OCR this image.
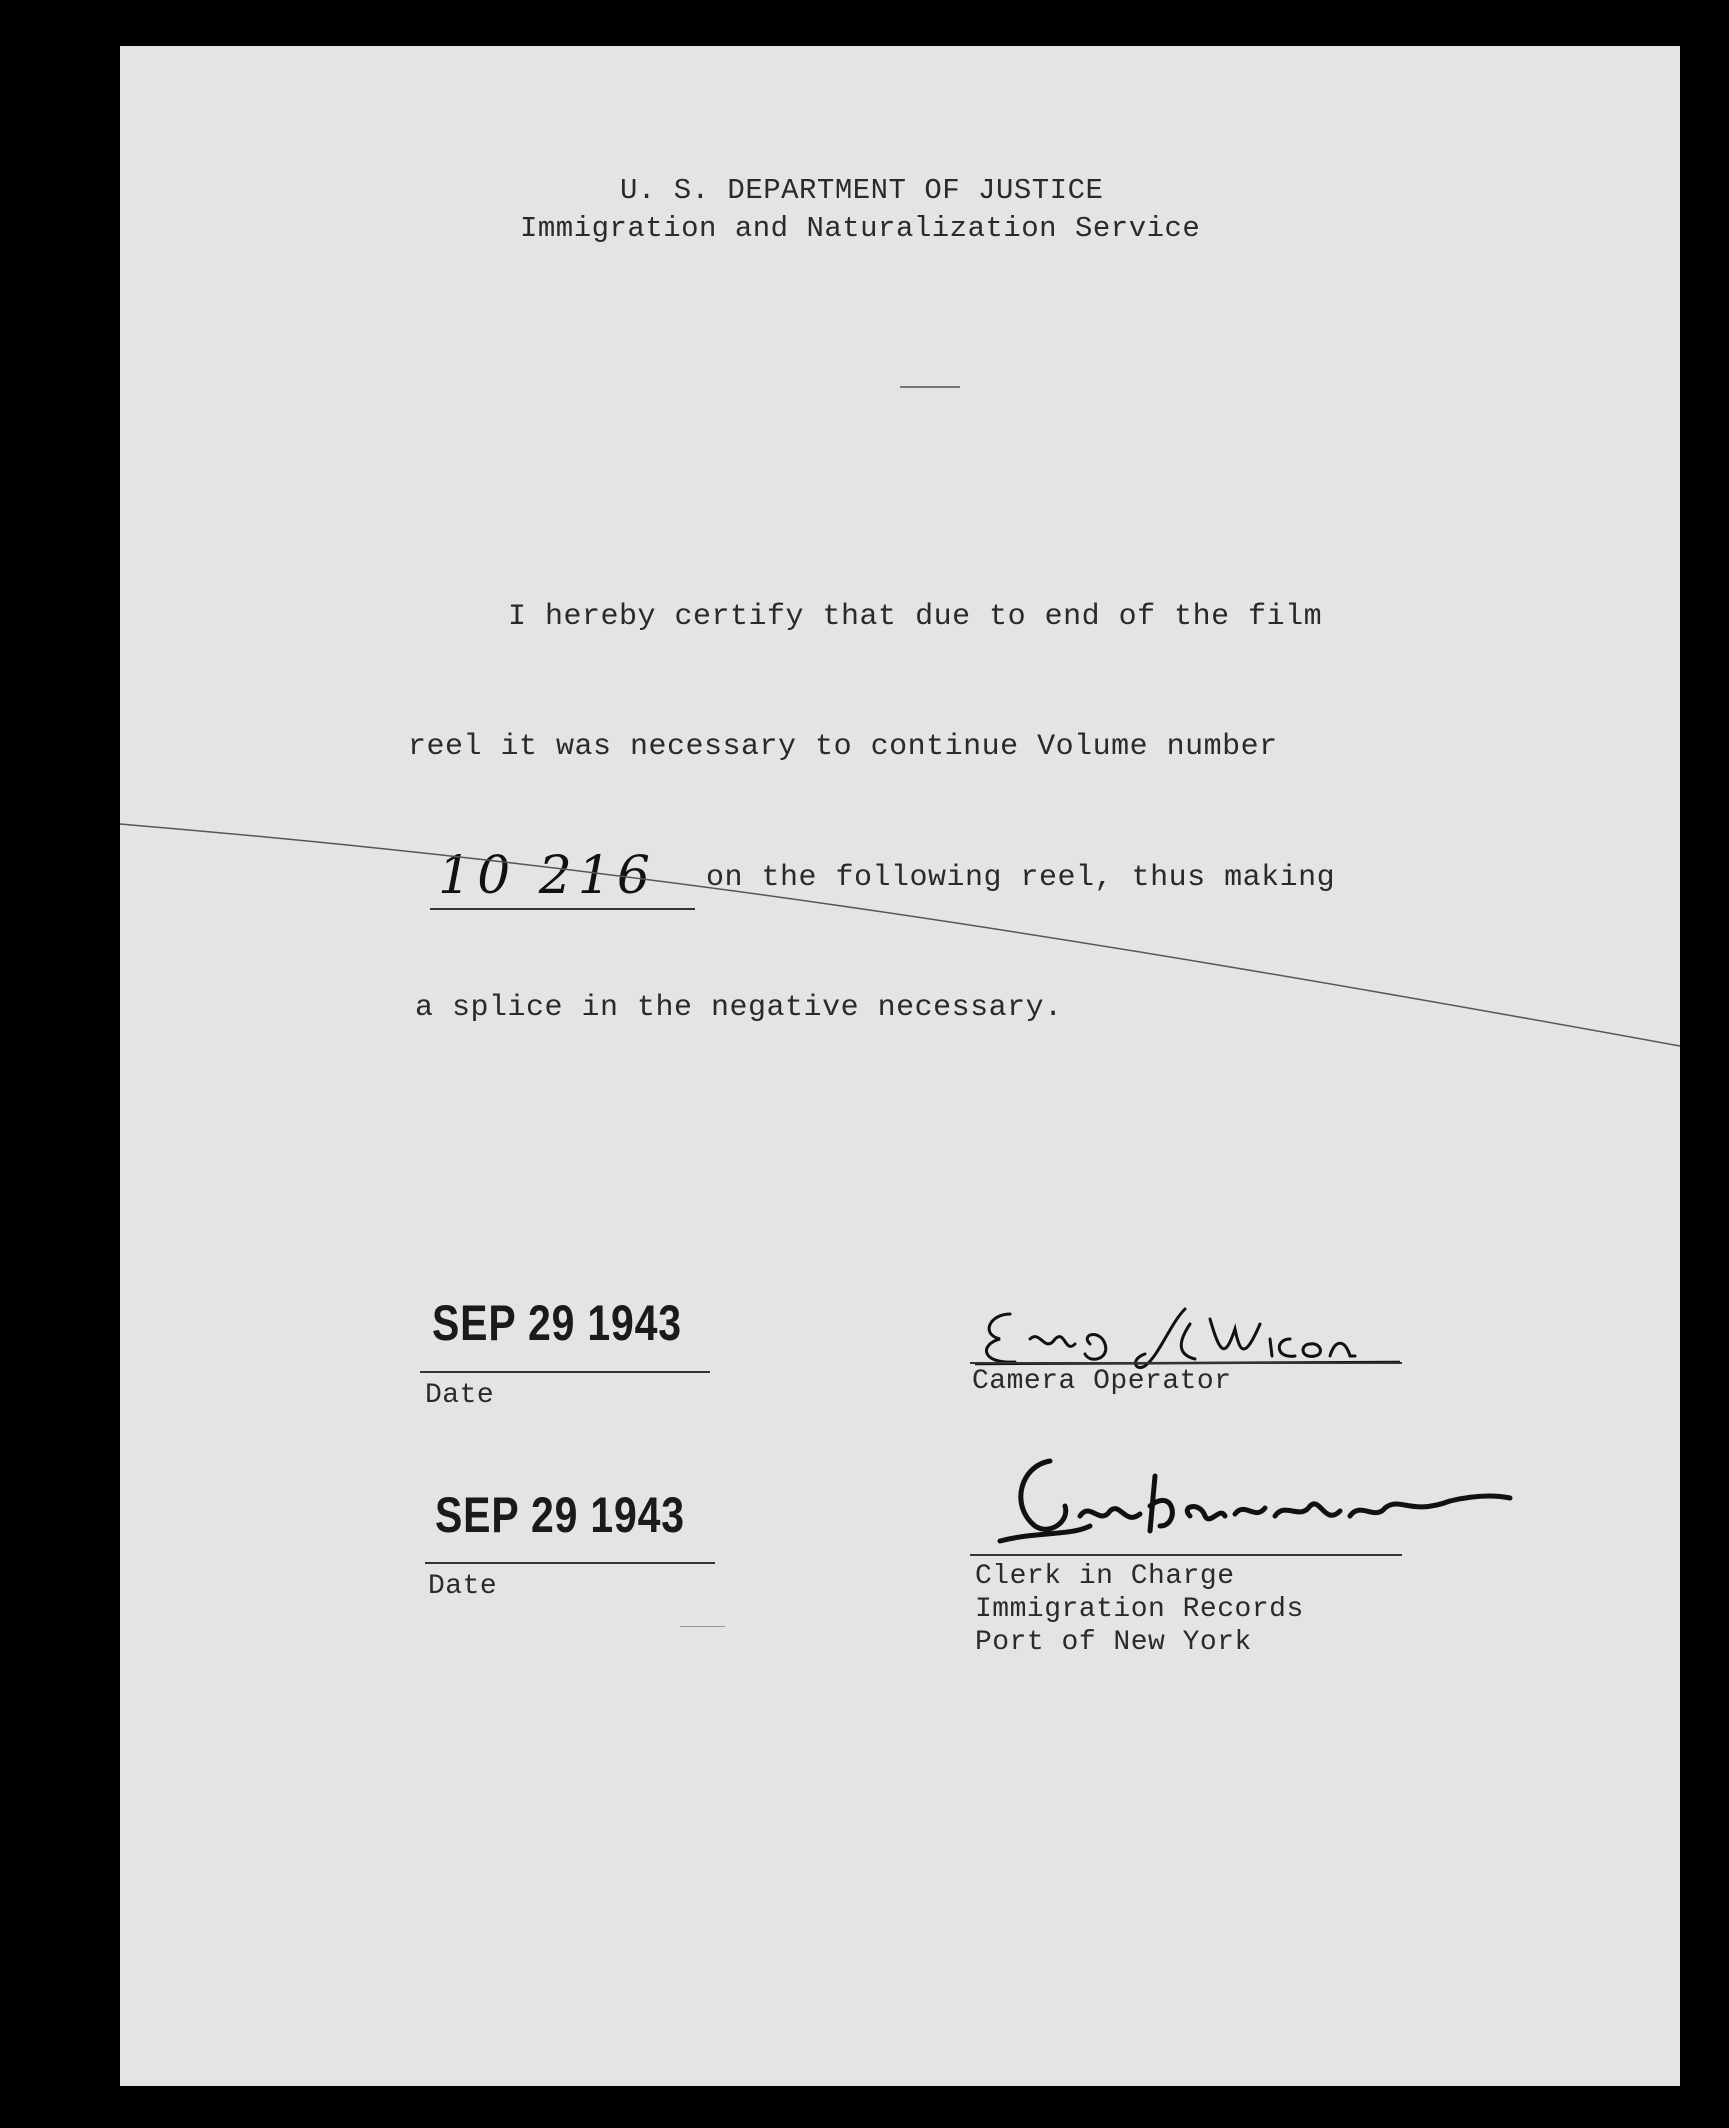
U. S. DEPARTMENT OF JUSTICE
Immigration and Naturalization Service
I hereby certify that due to end of the film
reel it was necessary to continue Volume number
10 216 on the following reel, thus making
a splice in the negative necessary.
SEP 29 1943
Date
SEP 29 1943
Date
Camera Operator
Clerk in Charge
Immigration Records
Port of New York
